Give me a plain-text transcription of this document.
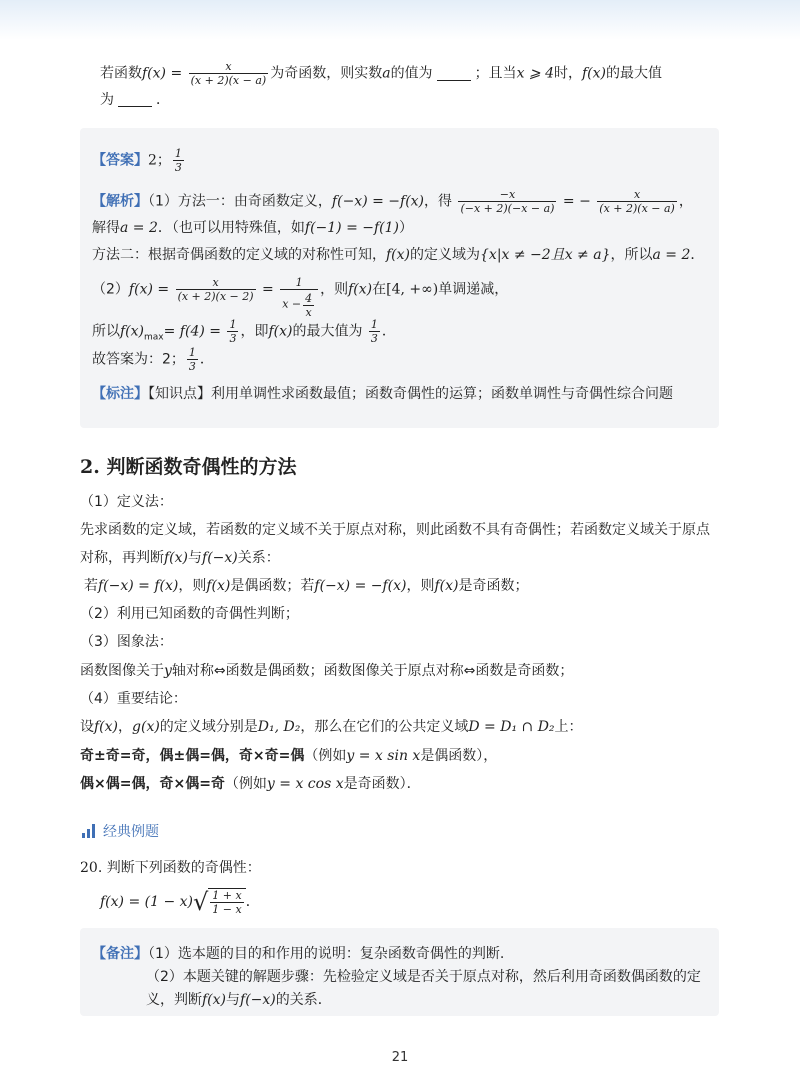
若函数$f(x) = \frac{x}{(x + 2)(x - a)}$ 为奇函数，则实数a的值为	；且当x ⩾ 4时，f(x)的最大值
为	．
【答案】2； $\frac{1}{3}$
【解析】（1）方法一：由奇函数定义，f(−x) = −f(x)，得 $\frac{-x}{(-x + 2)(-x - a)}$ = − $\frac{x}{(x + 2)(x - a)}$ ，
解得a = 2．（也可以用特殊值，如f(−1) = −f(1)）
方法二：根据奇偶函数的定义域的对称性可知，f(x)的定义域为{x|x ≠ −2且x ≠ a}，所以a = 2．
$(2)f(x) = \frac{x}{(x + 2)(x - 2)} = \frac{1}{x - \frac{4}{x}}$ ，则f(x)在[4, +∞)单调递减，
所以$f(x)_{max}= f(4) = \frac{1}{3}$ ，即f(x)的最大值为 $\frac{1}{3}$ ．
故答案为：2； $\frac{1}{3}$ ．
【标注】【知识点】利用单调性求函数最值；函数奇偶性的运算；函数单调性与奇偶性综合问题
2. 判断函数奇偶性的方法
（1）定义法：
先求函数的定义域，若函数的定义域不关于原点对称，则此函数不具有奇偶性；若函数定义域关于原点
对称，再判断f(x)与f(−x)关系：
若f(−x) = f(x)，则f(x)是偶函数；若f(−x) = −f(x)，则f(x)是奇函数；
（2）利用已知函数的奇偶性判断；
（3）图象法：
函数图像关于y轴对称⇔函数是偶函数；函数图像关于原点对称⇔函数是奇函数；
（4）重要结论：
设f(x)，g(x)的定义域分别是D₁, D₂，那么在它们的公共定义域D = D₁ ∩ D₂上：
奇±奇=奇，偶±偶=偶，奇×奇=偶（例如y = x sin x是偶函数），
偶×偶=偶，奇×偶=奇（例如y = x cos x是奇函数）．
经典例题
20. 判断下列函数的奇偶性：
$f(x) = (1 - x)√ \frac{1 + x}{1 - x}$ ．
【备注】（1）选本题的目的和作用的说明：复杂函数奇偶性的判断.
（2）本题关键的解题步骤：先检验定义域是否关于原点对称，然后利用奇函数偶函数的定
义，判断f(x)与f(−x)的关系．
21
